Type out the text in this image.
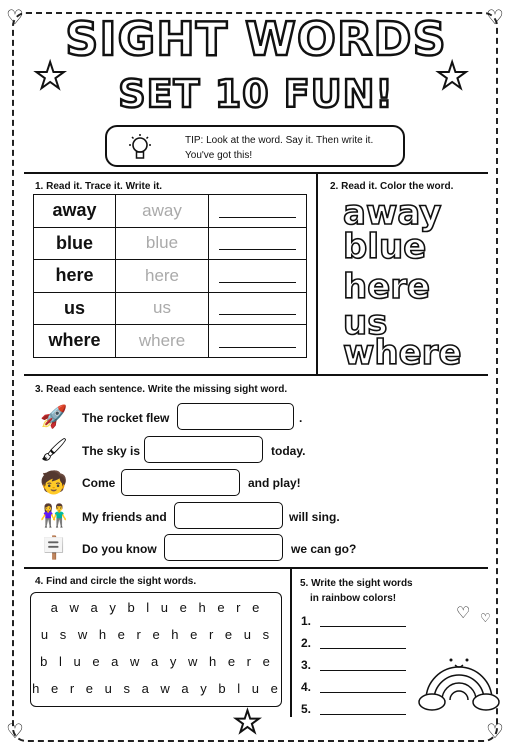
♡	♡
♡	♡
SIGHT WORDS
SET 10 FUN!
★	★
TIP: Look at the word. Say it. Then write it. You've got this!
1. Read it. Trace it. Write it.
away	away	

blue	blue	

here	here	

us	us	

where	where	
2. Read it. Color the word.
away
blue
here
us
where
3. Read each sentence. Write the missing sight word.
🚀 The rocket flew	.
🖌 The sky is	today.
🧒 Come	and play!
👫 My friends and	will sing.
🪧 Do you know	we can go?
4. Find and circle the sight words.
a w a y b l u e h e r e
u s w h e r e h e r e u s
b l u e a w a y w h e r e
h e r e u s a w a y b l u e
5. Write the sight words
in rainbow colors!
♡ ♡
1.
2.
3.
4.
5.
★
